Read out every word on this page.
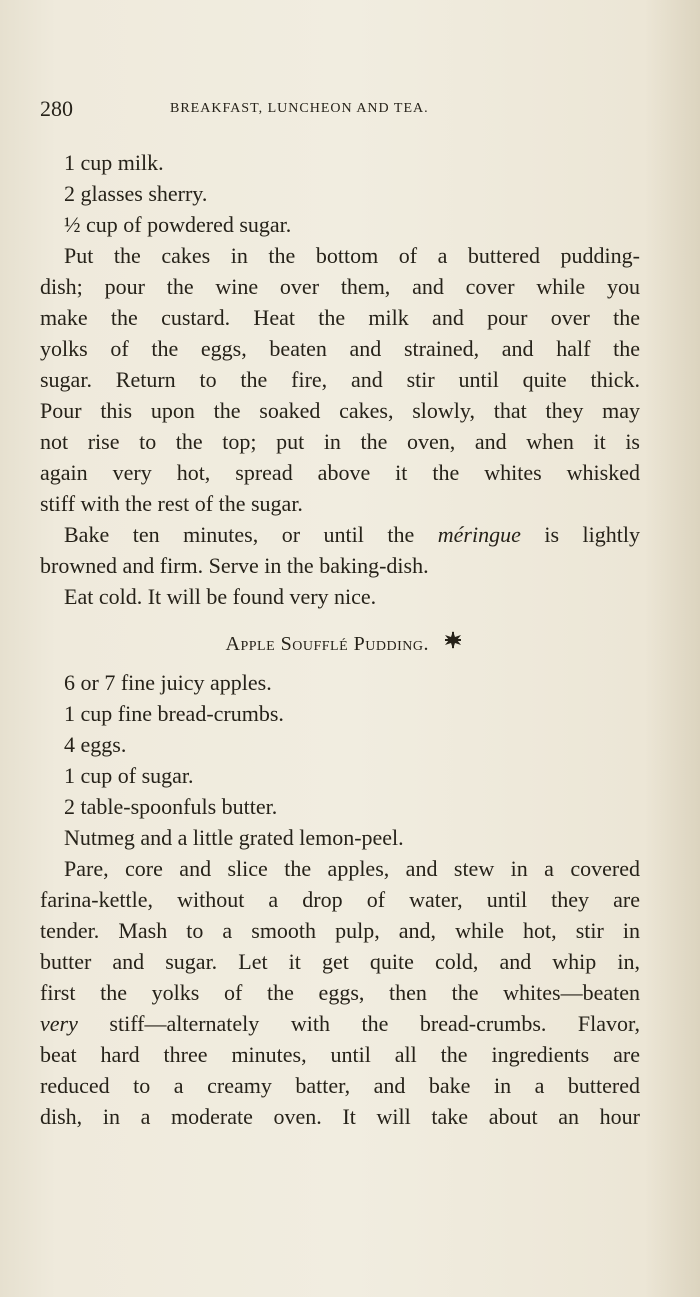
280	BREAKFAST, LUNCHEON AND TEA.
1 cup milk.
2 glasses sherry.
½ cup of powdered sugar.
Put the cakes in the bottom of a buttered pudding-
dish; pour the wine over them, and cover while you
make the custard. Heat the milk and pour over the
yolks of the eggs, beaten and strained, and half the
sugar. Return to the fire, and stir until quite thick.
Pour this upon the soaked cakes, slowly, that they may
not rise to the top; put in the oven, and when it is
again very hot, spread above it the whites whisked
stiff with the rest of the sugar.
Bake ten minutes, or until the méringue is lightly
browned and firm. Serve in the baking-dish.
Eat cold. It will be found very nice.
Apple Soufflé Pudding.
6 or 7 fine juicy apples.
1 cup fine bread-crumbs.
4 eggs.
1 cup of sugar.
2 table-spoonfuls butter.
Nutmeg and a little grated lemon-peel.
Pare, core and slice the apples, and stew in a covered
farina-kettle, without a drop of water, until they are
tender. Mash to a smooth pulp, and, while hot, stir in
butter and sugar. Let it get quite cold, and whip in,
first the yolks of the eggs, then the whites—beaten
very stiff—alternately with the bread-crumbs. Flavor,
beat hard three minutes, until all the ingredients are
reduced to a creamy batter, and bake in a buttered
dish, in a moderate oven. It will take about an hour
